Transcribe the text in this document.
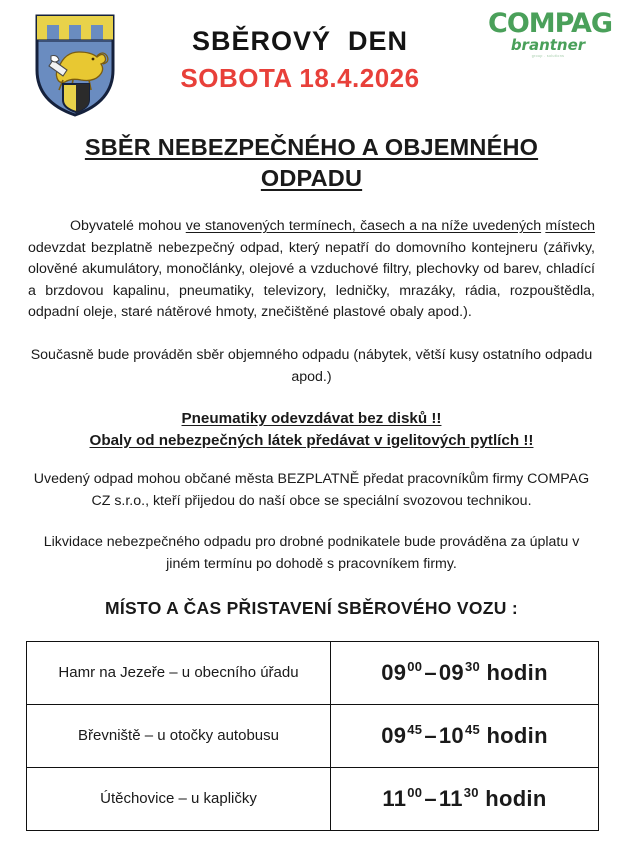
SBĚROVÝ  DEN
SOBOTA 18.4.2026
COMPAG
brantner
group . solutions
SBĚR NEBEZPEČNÉHO A OBJEMNÉHO
ODPADU

Obyvatelé mohou ve stanovených termínech, časech a na níže uvedených místech odevzdat bezplatně nebezpečný odpad, který nepatří do domovního kontejneru (zářivky, olověné akumulátory, monočlánky, olejové a vzduchové filtry, plechovky od barev, chladící a brzdovou kapalinu, pneumatiky, televizory, ledničky, mrazáky, rádia, rozpouštědla, odpadní oleje, staré nátěrové hmoty, znečištěné plastové obaly apod.).

Současně bude prováděn sběr objemného odpadu (nábytek, větší kusy ostatního odpadu apod.)

Pneumatiky odevzdávat bez disků !!
Obaly od nebezpečných látek předávat v igelitových pytlích !!

Uvedený odpad mohou občané města BEZPLATNĚ předat pracovníkům firmy COMPAG CZ s.r.o., kteří přijedou do naší obce se speciální svozovou technikou.

Likvidace nebezpečného odpadu pro drobné podnikatele bude prováděna za úplatu v jiném termínu po dohodě s pracovníkem firmy.

MÍSTO A ČAS PŘISTAVENÍ SBĚROVÉHO VOZU :
Hamr na Jezeře – u obecního úřadu	$09^{00}-09^{30}$ hodin
Břevniště – u otočky autobusu	$09^{45}-10^{45}$ hodin
Útěchovice – u kapličky	$11^{00}-11^{30}$ hodin
